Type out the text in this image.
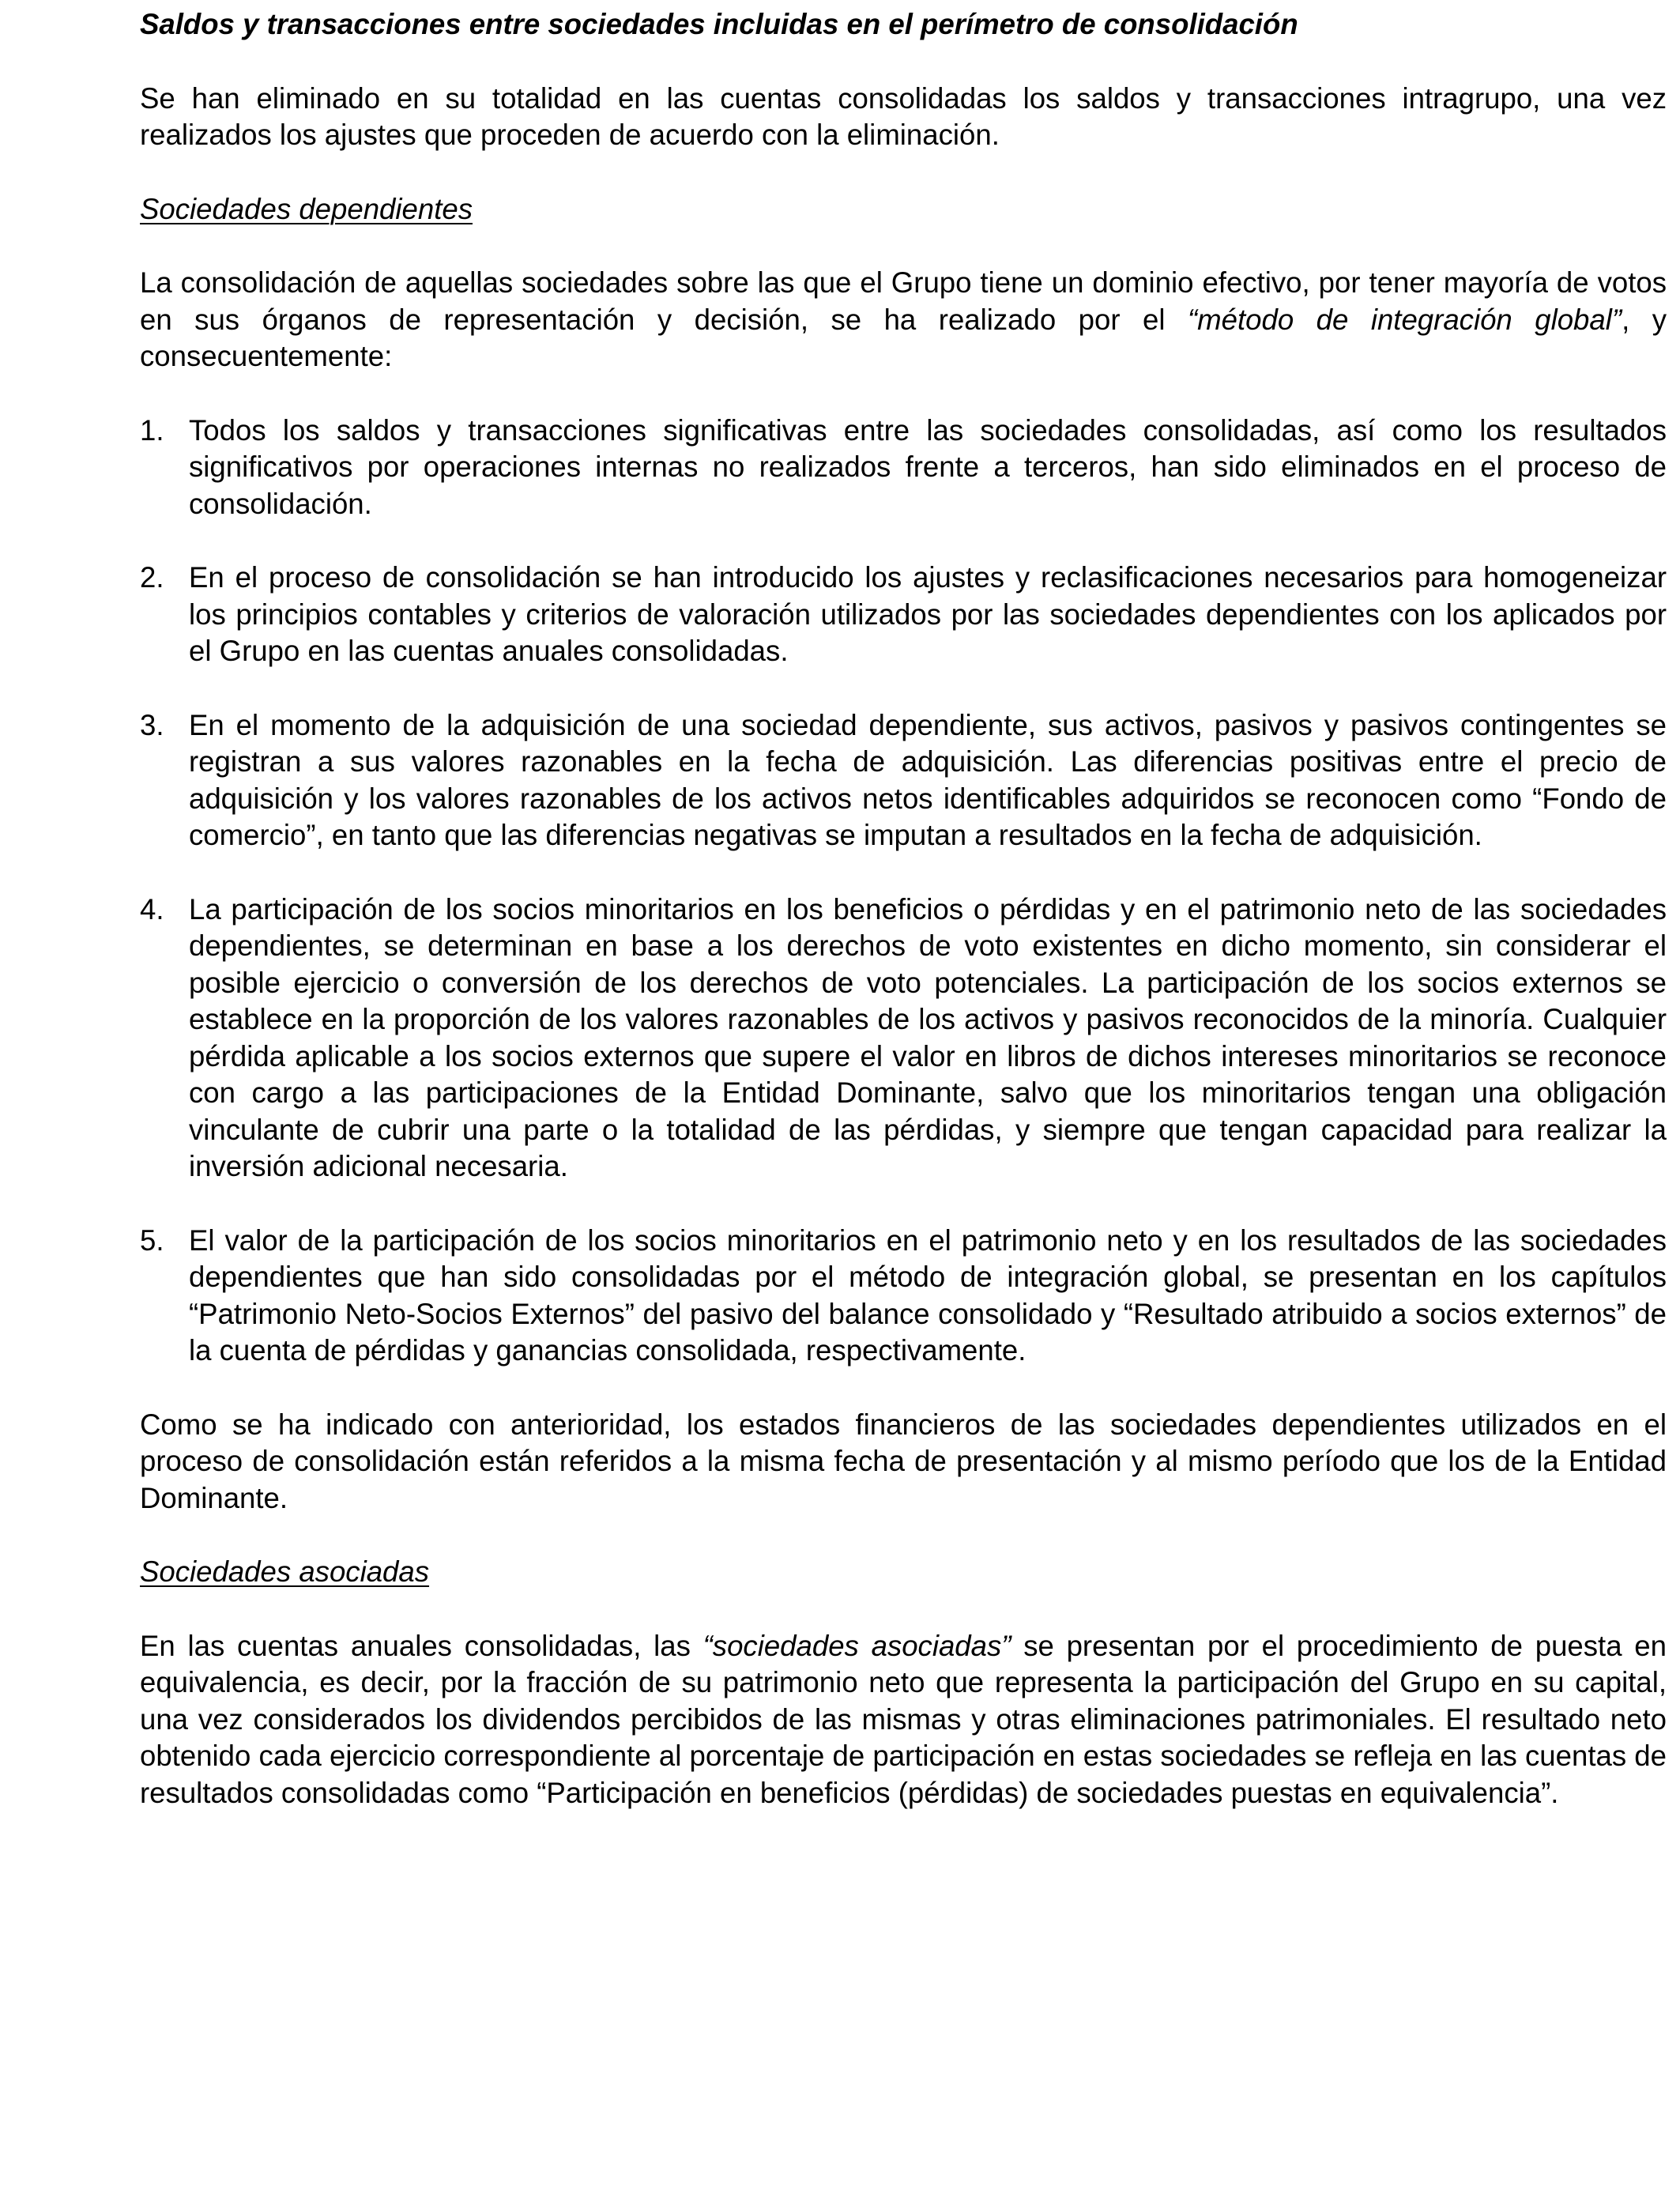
Saldos y transacciones entre sociedades incluidas en el perímetro de consolidación

Se han eliminado en su totalidad en las cuentas consolidadas los saldos y transacciones intragrupo, una vez realizados los ajustes que proceden de acuerdo con la eliminación.

Sociedades dependientes

La consolidación de aquellas sociedades sobre las que el Grupo tiene un dominio efectivo, por tener mayoría de votos en sus órganos de representación y decisión, se ha realizado por el “método de integración global”, y consecuentemente:

1. Todos los saldos y transacciones significativas entre las sociedades consolidadas, así como los resultados significativos por operaciones internas no realizados frente a terceros, han sido eliminados en el proceso de consolidación.
2. En el proceso de consolidación se han introducido los ajustes y reclasificaciones necesarios para homogeneizar los principios contables y criterios de valoración utilizados por las sociedades dependientes con los aplicados por el Grupo en las cuentas anuales consolidadas.
3. En el momento de la adquisición de una sociedad dependiente, sus activos, pasivos y pasivos contingentes se registran a sus valores razonables en la fecha de adquisición. Las diferencias positivas entre el precio de adquisición y los valores razonables de los activos netos identificables adquiridos se reconocen como “Fondo de comercio”, en tanto que las diferencias negativas se imputan a resultados en la fecha de adquisición.
4. La participación de los socios minoritarios en los beneficios o pérdidas y en el patrimonio neto de las sociedades dependientes, se determinan en base a los derechos de voto existentes en dicho momento, sin considerar el posible ejercicio o conversión de los derechos de voto potenciales. La participación de los socios externos se establece en la proporción de los valores razonables de los activos y pasivos reconocidos de la minoría. Cualquier pérdida aplicable a los socios externos que supere el valor en libros de dichos intereses minoritarios se reconoce con cargo a las participaciones de la Entidad Dominante, salvo que los minoritarios tengan una obligación vinculante de cubrir una parte o la totalidad de las pérdidas, y siempre que tengan capacidad para realizar la inversión adicional necesaria.
5. El valor de la participación de los socios minoritarios en el patrimonio neto y en los resultados de las sociedades dependientes que han sido consolidadas por el método de integración global, se presentan en los capítulos “Patrimonio Neto-Socios Externos” del pasivo del balance consolidado y “Resultado atribuido a socios externos” de la cuenta de pérdidas y ganancias consolidada, respectivamente.

Como se ha indicado con anterioridad, los estados financieros de las sociedades dependientes utilizados en el proceso de consolidación están referidos a la misma fecha de presentación y al mismo período que los de la Entidad Dominante.

Sociedades asociadas

En las cuentas anuales consolidadas, las “sociedades asociadas” se presentan por el procedimiento de puesta en equivalencia, es decir, por la fracción de su patrimonio neto que representa la participación del Grupo en su capital, una vez considerados los dividendos percibidos de las mismas y otras eliminaciones patrimoniales. El resultado neto obtenido cada ejercicio correspondiente al porcentaje de participación en estas sociedades se refleja en las cuentas de resultados consolidadas como “Participación en beneficios (pérdidas) de sociedades puestas en equivalencia”.
